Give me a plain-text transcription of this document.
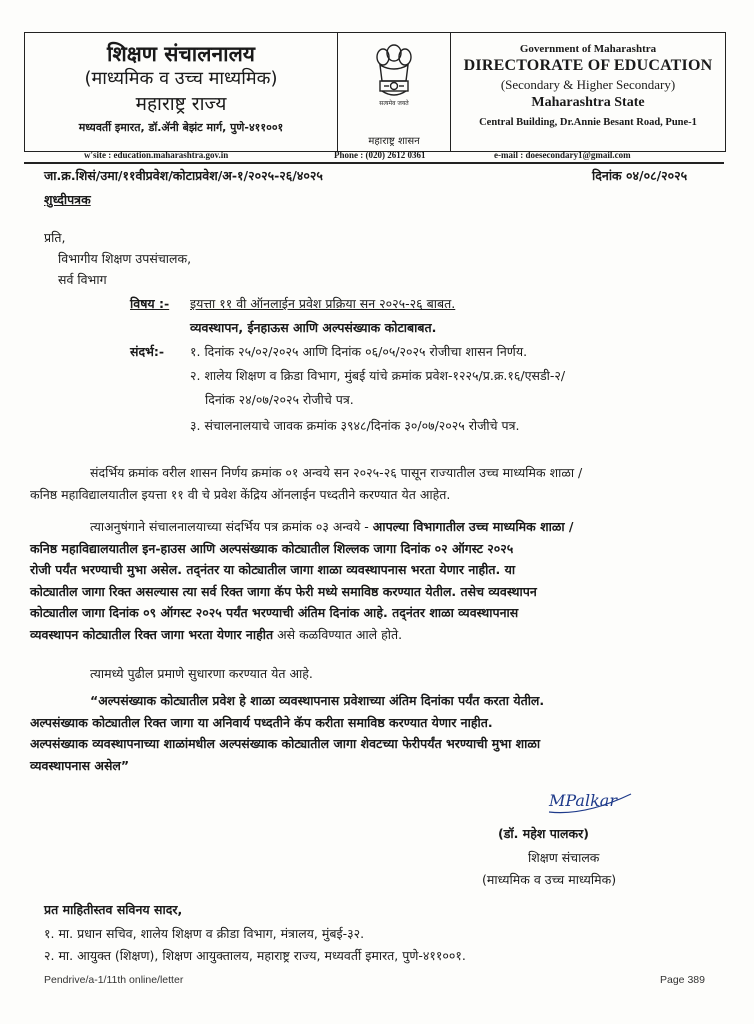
शिक्षण संचालनालय
(माध्यमिक व उच्च माध्यमिक)
महाराष्ट्र राज्य
मध्यवर्ती इमारत, डॉ.ॲनी बेझंट मार्ग, पुणे-४११००१
सत्यमेव जयते
महाराष्ट्र शासन
Government of Maharashtra
DIRECTORATE OF EDUCATION
(Secondary & Higher Secondary)
Maharashtra State
Central Building, Dr.Annie Besant Road, Pune-1
w'site : education.maharashtra.gov.in	Phone : (020) 2612 0361	e-mail : doesecondary1@gmail.com
जा.क्र.शिसं/उमा/११वीप्रवेश/कोटाप्रवेश/अ-१/२०२५-२६/४०२५	दिनांक ०४/०८/२०२५
शुध्दीपत्रक
प्रति,
विभागीय शिक्षण उपसंचालक,
सर्व विभाग
विषय :- इयत्ता ११ वी ऑनलाईन प्रवेश प्रक्रिया सन २०२५-२६ बाबत.
व्यवस्थापन, ईनहाऊस आणि अल्पसंख्याक कोटाबाबत.
संदर्भ:- १. दिनांक २५/०२/२०२५ आणि दिनांक ०६/०५/२०२५ रोजीचा शासन निर्णय.
२. शालेय शिक्षण व क्रिडा विभाग, मुंबई यांचे क्रमांक प्रवेश-१२२५/प्र.क्र.१६/एसडी-२/
दिनांक २४/०७/२०२५ रोजीचे पत्र.
३. संचालनालयाचे जावक क्रमांक ३९४८/दिनांक ३०/०७/२०२५ रोजीचे पत्र.
संदर्भिय क्रमांक वरील शासन निर्णय क्रमांक ०१ अन्वये सन २०२५-२६ पासून राज्यातील उच्च माध्यमिक शाळा /
कनिष्ठ महाविद्यालयातील इयत्ता ११ वी चे प्रवेश केंद्रिय ऑनलाईन पध्दतीने करण्यात येत आहेत.
त्याअनुषंगाने संचालनालयाच्या संदर्भिय पत्र क्रमांक ०३ अन्वये - आपल्या विभागातील उच्च माध्यमिक शाळा /
कनिष्ठ महाविद्यालयातील इन-हाउस आणि अल्पसंख्याक कोट्यातील शिल्लक जागा दिनांक ०२ ऑगस्ट २०२५
रोजी पर्यंत भरण्याची मुभा असेल. तद्नंतर या कोट्यातील जागा शाळा व्यवस्थापनास भरता येणार नाहीत. या
कोट्यातील जागा रिक्त असल्यास त्या सर्व रिक्त जागा कॅप फेरी मध्ये समाविष्ठ करण्यात येतील. तसेच व्यवस्थापन
कोट्यातील जागा दिनांक ०९ ऑगस्ट २०२५ पर्यंत भरण्याची अंतिम दिनांक आहे. तद्नंतर शाळा व्यवस्थापनास
व्यवस्थापन कोट्यातील रिक्त जागा भरता येणार नाहीत असे कळविण्यात आले होते.
त्यामध्ये पुढील प्रमाणे सुधारणा करण्यात येत आहे.
“अल्पसंख्याक कोट्यातील प्रवेश हे शाळा व्यवस्थापनास प्रवेशाच्या अंतिम दिनांका पर्यंत करता येतील.
अल्पसंख्याक कोट्यातील रिक्त जागा या अनिवार्य पध्दतीने कॅप करीता समाविष्ठ करण्यात येणार नाहीत.
अल्पसंख्याक व्यवस्थापनाच्या शाळांमधील अल्पसंख्याक कोट्यातील जागा शेवटच्या फेरीपर्यंत भरण्याची मुभा शाळा
व्यवस्थापनास असेल”
MPalkar
(डॉ. महेश पालकर)
शिक्षण संचालक
(माध्यमिक व उच्च माध्यमिक)
प्रत माहितीस्तव सविनय सादर,
१. मा. प्रधान सचिव, शालेय शिक्षण व क्रीडा विभाग, मंत्रालय, मुंबई-३२.
२. मा. आयुक्त (शिक्षण), शिक्षण आयुक्तालय, महाराष्ट्र राज्य, मध्यवर्ती इमारत, पुणे-४११००१.
Pendrive/a-1/11th online/letter	Page 389
